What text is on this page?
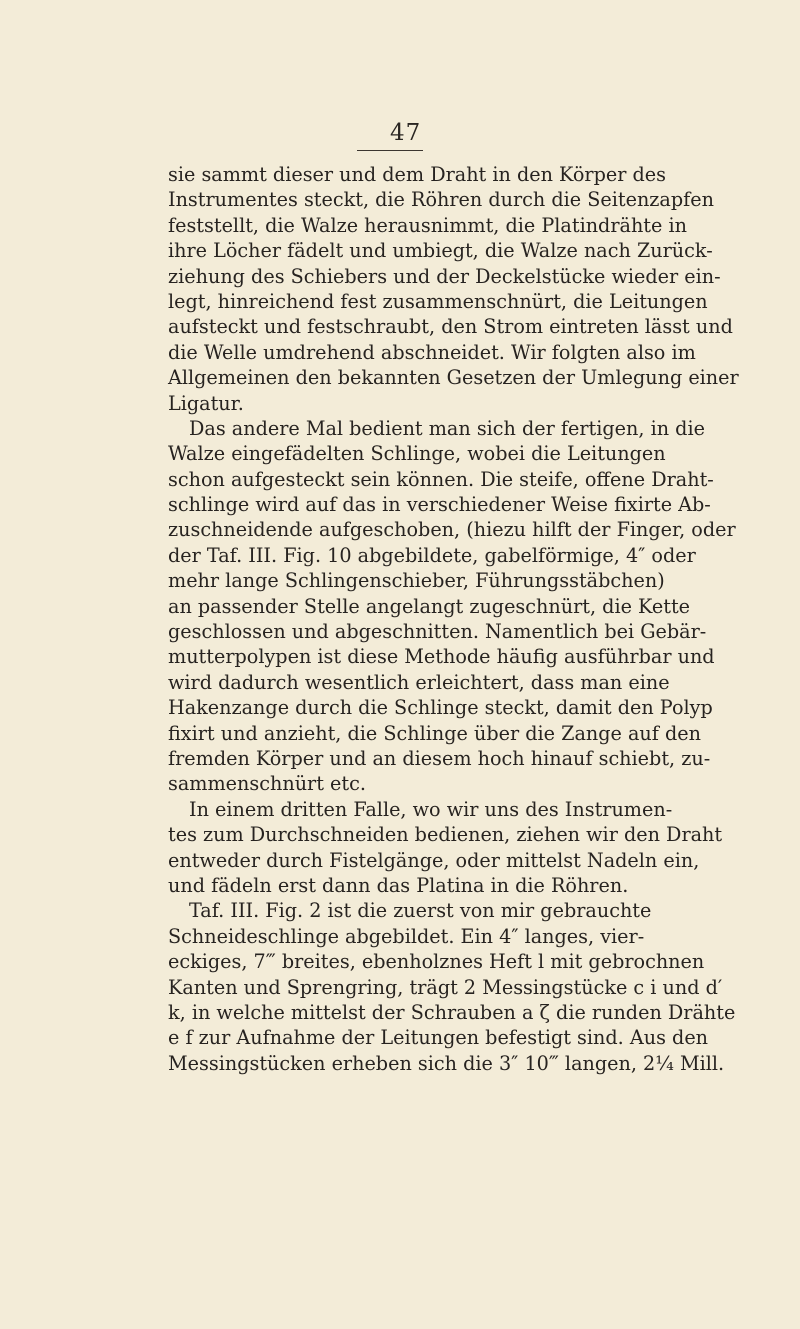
47
sie sammt dieser und dem Draht in den Körper des
Instrumentes steckt, die Röhren durch die Seitenzapfen
feststellt, die Walze herausnimmt, die Platindrähte in
ihre Löcher fädelt und umbiegt, die Walze nach Zurück-
ziehung des Schiebers und der Deckelstücke wieder ein-
legt, hinreichend fest zusammenschnürt, die Leitungen
aufsteckt und festschraubt, den Strom eintreten lässt und
die Welle umdrehend abschneidet. Wir folgten also im
Allgemeinen den bekannten Gesetzen der Umlegung einer
Ligatur.
Das andere Mal bedient man sich der fertigen, in die
Walze eingefädelten Schlinge, wobei die Leitungen
schon aufgesteckt sein können. Die steife, offene Draht-
schlinge wird auf das in verschiedener Weise fixirte Ab-
zuschneidende aufgeschoben, (hiezu hilft der Finger, oder
der Taf. III. Fig. 10 abgebildete, gabelförmige, 4″ oder
mehr lange Schlingenschieber, Führungsstäbchen)
an passender Stelle angelangt zugeschnürt, die Kette
geschlossen und abgeschnitten. Namentlich bei Gebär-
mutterpolypen ist diese Methode häufig ausführbar und
wird dadurch wesentlich erleichtert, dass man eine
Hakenzange durch die Schlinge steckt, damit den Polyp
fixirt und anzieht, die Schlinge über die Zange auf den
fremden Körper und an diesem hoch hinauf schiebt, zu-
sammenschnürt etc.
In einem dritten Falle, wo wir uns des Instrumen-
tes zum Durchschneiden bedienen, ziehen wir den Draht
entweder durch Fistelgänge, oder mittelst Nadeln ein,
und fädeln erst dann das Platina in die Röhren.
Taf. III. Fig. 2 ist die zuerst von mir gebrauchte
Schneideschlinge abgebildet. Ein 4″ langes, vier-
eckiges, 7‴ breites, ebenholznes Heft l mit gebrochnen
Kanten und Sprengring, trägt 2 Messingstücke c i und d′
k, in welche mittelst der Schrauben a ζ die runden Drähte
e f zur Aufnahme der Leitungen befestigt sind. Aus den
Messingstücken erheben sich die 3″ 10‴ langen, 2¼ Mill.
